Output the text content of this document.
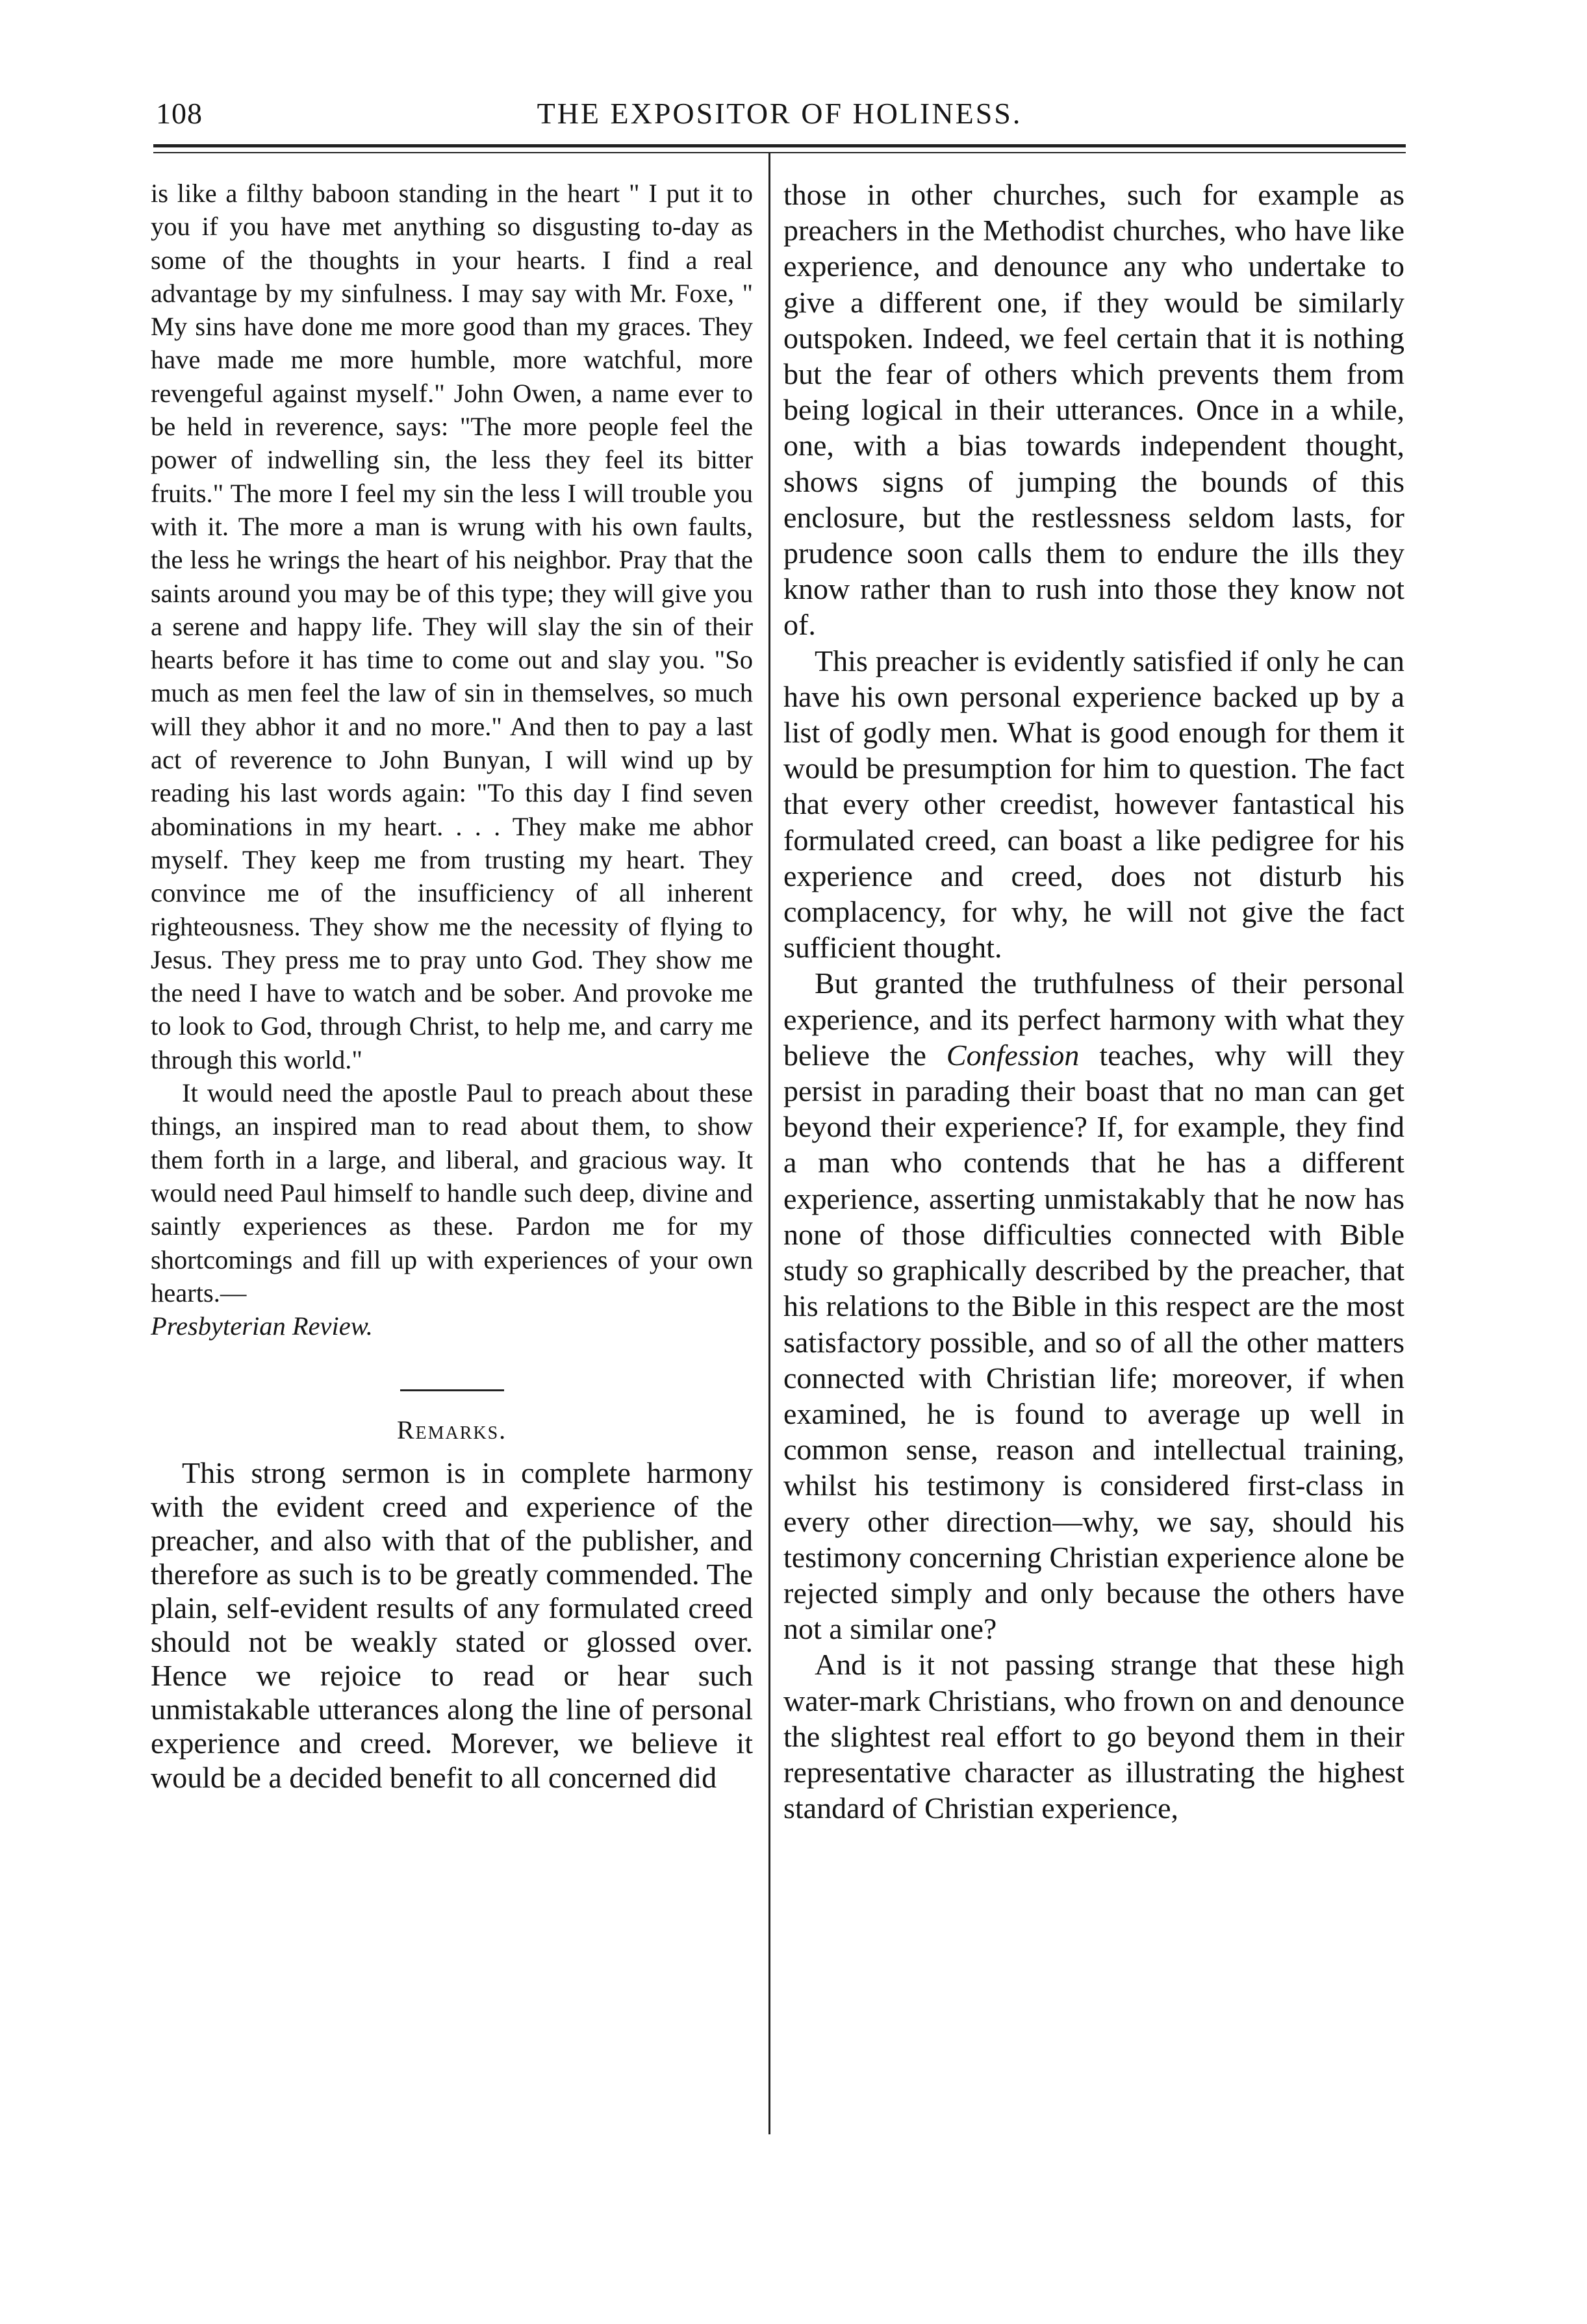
108	THE EXPOSITOR OF HOLINESS.

is like a filthy baboon standing in the heart " I put it to you if you have met anything so disgusting to-day as some of the thoughts in your hearts. I find a real advantage by my sinfulness. I may say with Mr. Foxe, " My sins have done me more good than my graces. They have made me more humble, more watchful, more revengeful against myself." John Owen, a name ever to be held in reverence, says: "The more people feel the power of indwelling sin, the less they feel its bitter fruits." The more I feel my sin the less I will trouble you with it. The more a man is wrung with his own faults, the less he wrings the heart of his neighbor. Pray that the saints around you may be of this type; they will give you a serene and happy life. They will slay the sin of their hearts before it has time to come out and slay you. "So much as men feel the law of sin in themselves, so much will they abhor it and no more." And then to pay a last act of reverence to John Bunyan, I will wind up by reading his last words again: "To this day I find seven abominations in my heart. . . . They make me abhor myself. They keep me from trusting my heart. They convince me of the insufficiency of all inherent righteousness. They show me the necessity of flying to Jesus. They press me to pray unto God. They show me the need I have to watch and be sober. And provoke me to look to God, through Christ, to help me, and carry me through this world."

It would need the apostle Paul to preach about these things, an inspired man to read about them, to show them forth in a large, and liberal, and gracious way. It would need Paul himself to handle such deep, divine and saintly experiences as these. Pardon me for my shortcomings and fill up with experiences of your own hearts.—
Presbyterian Review.

Remarks.

This strong sermon is in complete harmony with the evident creed and experience of the preacher, and also with that of the publisher, and therefore as such is to be greatly commended. The plain, self-evident results of any formulated creed should not be weakly stated or glossed over. Hence we rejoice to read or hear such unmistakable utterances along the line of personal experience and creed. Morever, we believe it would be a decided benefit to all concerned did

those in other churches, such for example as preachers in the Methodist churches, who have like experience, and denounce any who undertake to give a different one, if they would be similarly outspoken. Indeed, we feel certain that it is nothing but the fear of others which prevents them from being logical in their utterances. Once in a while, one, with a bias towards independent thought, shows signs of jumping the bounds of this enclosure, but the restlessness seldom lasts, for prudence soon calls them to endure the ills they know rather than to rush into those they know not of.

This preacher is evidently satisfied if only he can have his own personal experience backed up by a list of godly men. What is good enough for them it would be presumption for him to question. The fact that every other creedist, however fantastical his formulated creed, can boast a like pedigree for his experience and creed, does not disturb his complacency, for why, he will not give the fact sufficient thought.

But granted the truthfulness of their personal experience, and its perfect harmony with what they believe the Confession teaches, why will they persist in parading their boast that no man can get beyond their experience? If, for example, they find a man who contends that he has a different experience, asserting unmistakably that he now has none of those difficulties connected with Bible study so graphically described by the preacher, that his relations to the Bible in this respect are the most satisfactory possible, and so of all the other matters connected with Christian life; moreover, if when examined, he is found to average up well in common sense, reason and intellectual training, whilst his testimony is considered first-class in every other direction—why, we say, should his testimony concerning Christian experience alone be rejected simply and only because the others have not a similar one?

And is it not passing strange that these high water-mark Christians, who frown on and denounce the slightest real effort to go beyond them in their representative character as illustrating the highest standard of Christian experience,
